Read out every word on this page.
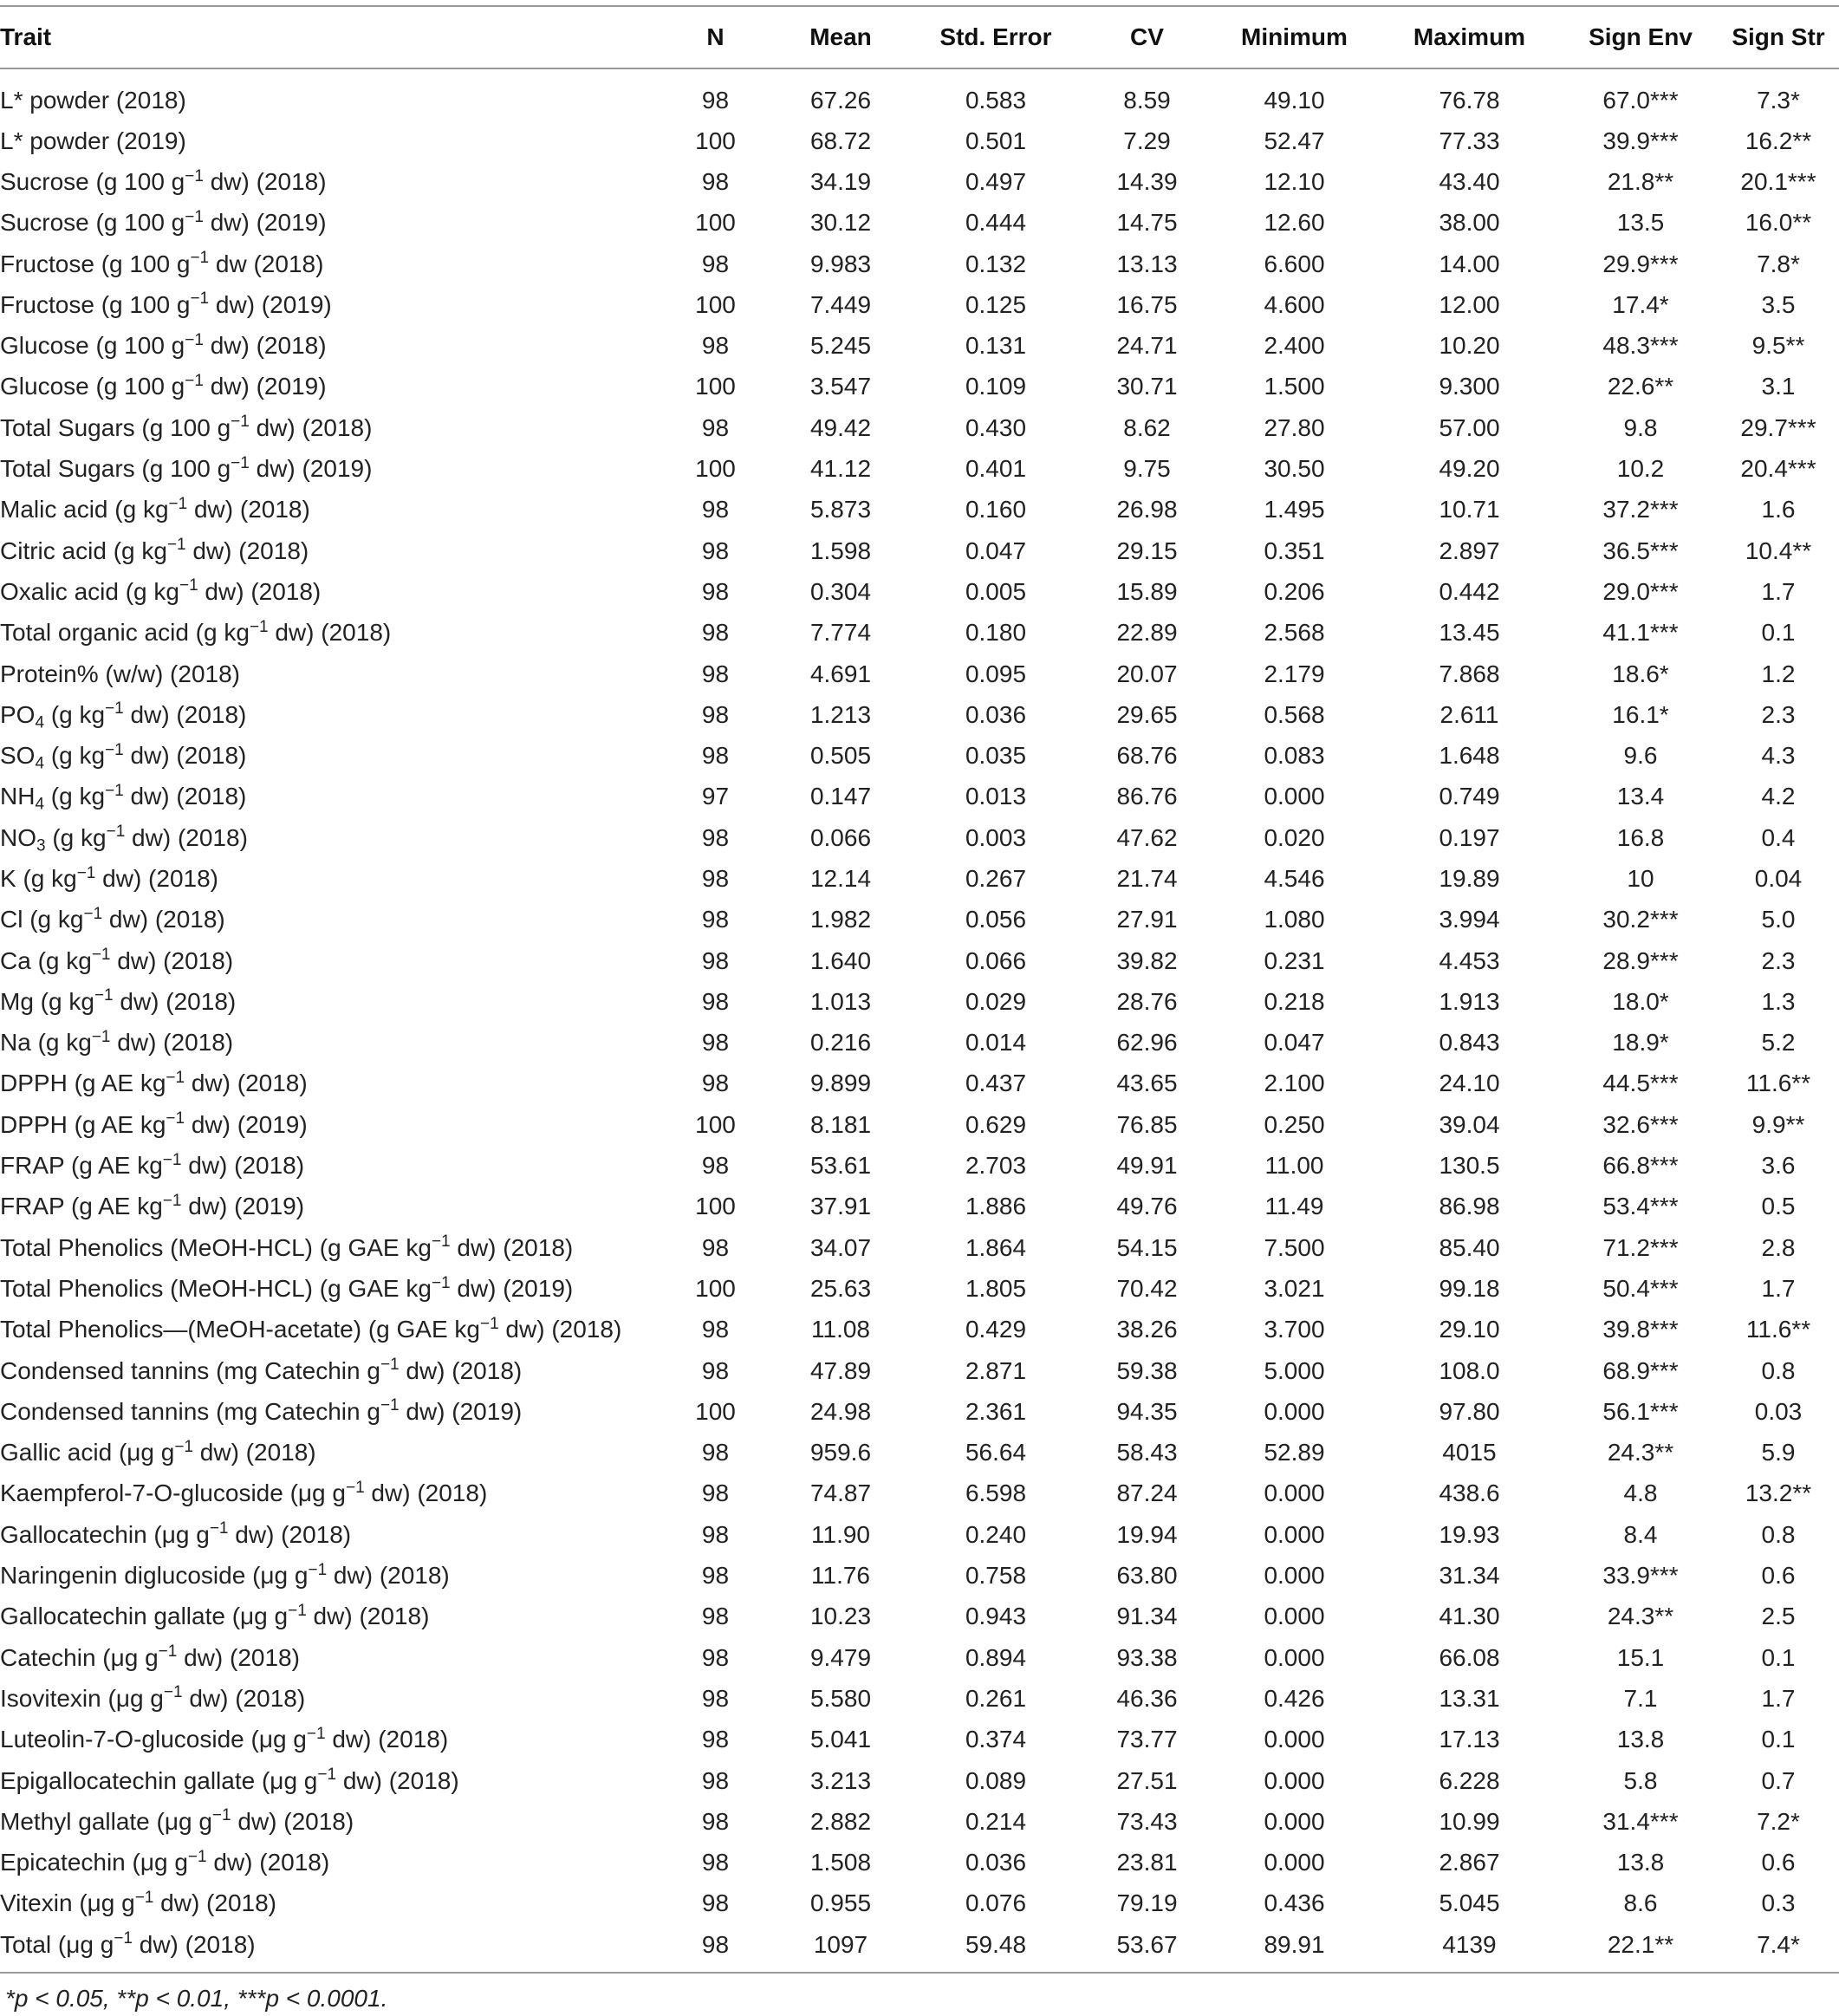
Trait	N	Mean	Std. Error	CV	Minimum	Maximum	Sign Env	Sign Str
L* powder (2018)	98	67.26	0.583	8.59	49.10	76.78	67.0***	7.3*
L* powder (2019)	100	68.72	0.501	7.29	52.47	77.33	39.9***	16.2**
Sucrose (g 100 $g^{-1}$ dw) (2018)	98	34.19	0.497	14.39	12.10	43.40	21.8**	20.1***
Sucrose (g 100 $g^{-1}$ dw) (2019)	100	30.12	0.444	14.75	12.60	38.00	13.5	16.0**
Fructose (g 100 $g^{-1}$ dw (2018)	98	9.983	0.132	13.13	6.600	14.00	29.9***	7.8*
Fructose (g 100 $g^{-1}$ dw) (2019)	100	7.449	0.125	16.75	4.600	12.00	17.4*	3.5
Glucose (g 100 $g^{-1}$ dw) (2018)	98	5.245	0.131	24.71	2.400	10.20	48.3***	9.5**
Glucose (g 100 $g^{-1}$ dw) (2019)	100	3.547	0.109	30.71	1.500	9.300	22.6**	3.1
Total Sugars (g 100 $g^{-1}$ dw) (2018)	98	49.42	0.430	8.62	27.80	57.00	9.8	29.7***
Total Sugars (g 100 $g^{-1}$ dw) (2019)	100	41.12	0.401	9.75	30.50	49.20	10.2	20.4***
Malic acid (g $kg^{-1}$ dw) (2018)	98	5.873	0.160	26.98	1.495	10.71	37.2***	1.6
Citric acid (g $kg^{-1}$ dw) (2018)	98	1.598	0.047	29.15	0.351	2.897	36.5***	10.4**
Oxalic acid (g $kg^{-1}$ dw) (2018)	98	0.304	0.005	15.89	0.206	0.442	29.0***	1.7
Total organic acid (g $kg^{-1}$ dw) (2018)	98	7.774	0.180	22.89	2.568	13.45	41.1***	0.1
Protein% (w/w) (2018)	98	4.691	0.095	20.07	2.179	7.868	18.6*	1.2
$PO_4$ (g $kg^{-1}$ dw) (2018)	98	1.213	0.036	29.65	0.568	2.611	16.1*	2.3
$SO_4$ (g $kg^{-1}$ dw) (2018)	98	0.505	0.035	68.76	0.083	1.648	9.6	4.3
$NH_4$ (g $kg^{-1}$ dw) (2018)	97	0.147	0.013	86.76	0.000	0.749	13.4	4.2
$NO_3$ (g $kg^{-1}$ dw) (2018)	98	0.066	0.003	47.62	0.020	0.197	16.8	0.4
K (g $kg^{-1}$ dw) (2018)	98	12.14	0.267	21.74	4.546	19.89	10	0.04
Cl (g $kg^{-1}$ dw) (2018)	98	1.982	0.056	27.91	1.080	3.994	30.2***	5.0
Ca (g $kg^{-1}$ dw) (2018)	98	1.640	0.066	39.82	0.231	4.453	28.9***	2.3
Mg (g $kg^{-1}$ dw) (2018)	98	1.013	0.029	28.76	0.218	1.913	18.0*	1.3
Na (g $kg^{-1}$ dw) (2018)	98	0.216	0.014	62.96	0.047	0.843	18.9*	5.2
DPPH (g AE $kg^{-1}$ dw) (2018)	98	9.899	0.437	43.65	2.100	24.10	44.5***	11.6**
DPPH (g AE $kg^{-1}$ dw) (2019)	100	8.181	0.629	76.85	0.250	39.04	32.6***	9.9**
FRAP (g AE $kg^{-1}$ dw) (2018)	98	53.61	2.703	49.91	11.00	130.5	66.8***	3.6
FRAP (g AE $kg^{-1}$ dw) (2019)	100	37.91	1.886	49.76	11.49	86.98	53.4***	0.5
Total Phenolics (MeOH-HCL) (g GAE $kg^{-1}$ dw) (2018)	98	34.07	1.864	54.15	7.500	85.40	71.2***	2.8
Total Phenolics (MeOH-HCL) (g GAE $kg^{-1}$ dw) (2019)	100	25.63	1.805	70.42	3.021	99.18	50.4***	1.7
Total Phenolics—(MeOH-acetate) (g GAE $kg^{-1}$ dw) (2018)	98	11.08	0.429	38.26	3.700	29.10	39.8***	11.6**
Condensed tannins (mg Catechin $g^{-1}$ dw) (2018)	98	47.89	2.871	59.38	5.000	108.0	68.9***	0.8
Condensed tannins (mg Catechin $g^{-1}$ dw) (2019)	100	24.98	2.361	94.35	0.000	97.80	56.1***	0.03
Gallic acid (μg $g^{-1}$ dw) (2018)	98	959.6	56.64	58.43	52.89	4015	24.3**	5.9
Kaempferol-7-O-glucoside (μg $g^{-1}$ dw) (2018)	98	74.87	6.598	87.24	0.000	438.6	4.8	13.2**
Gallocatechin (μg $g^{-1}$ dw) (2018)	98	11.90	0.240	19.94	0.000	19.93	8.4	0.8
Naringenin diglucoside (μg $g^{-1}$ dw) (2018)	98	11.76	0.758	63.80	0.000	31.34	33.9***	0.6
Gallocatechin gallate (μg $g^{-1}$ dw) (2018)	98	10.23	0.943	91.34	0.000	41.30	24.3**	2.5
Catechin (μg $g^{-1}$ dw) (2018)	98	9.479	0.894	93.38	0.000	66.08	15.1	0.1
Isovitexin (μg $g^{-1}$ dw) (2018)	98	5.580	0.261	46.36	0.426	13.31	7.1	1.7
Luteolin-7-O-glucoside (μg $g^{-1}$ dw) (2018)	98	5.041	0.374	73.77	0.000	17.13	13.8	0.1
Epigallocatechin gallate (μg $g^{-1}$ dw) (2018)	98	3.213	0.089	27.51	0.000	6.228	5.8	0.7
Methyl gallate (μg $g^{-1}$ dw) (2018)	98	2.882	0.214	73.43	0.000	10.99	31.4***	7.2*
Epicatechin (μg $g^{-1}$ dw) (2018)	98	1.508	0.036	23.81	0.000	2.867	13.8	0.6
Vitexin (μg $g^{-1}$ dw) (2018)	98	0.955	0.076	79.19	0.436	5.045	8.6	0.3
Total (μg $g^{-1}$ dw) (2018)	98	1097	59.48	53.67	89.91	4139	22.1**	7.4*
*p < 0.05, **p < 0.01, ***p < 0.0001.
